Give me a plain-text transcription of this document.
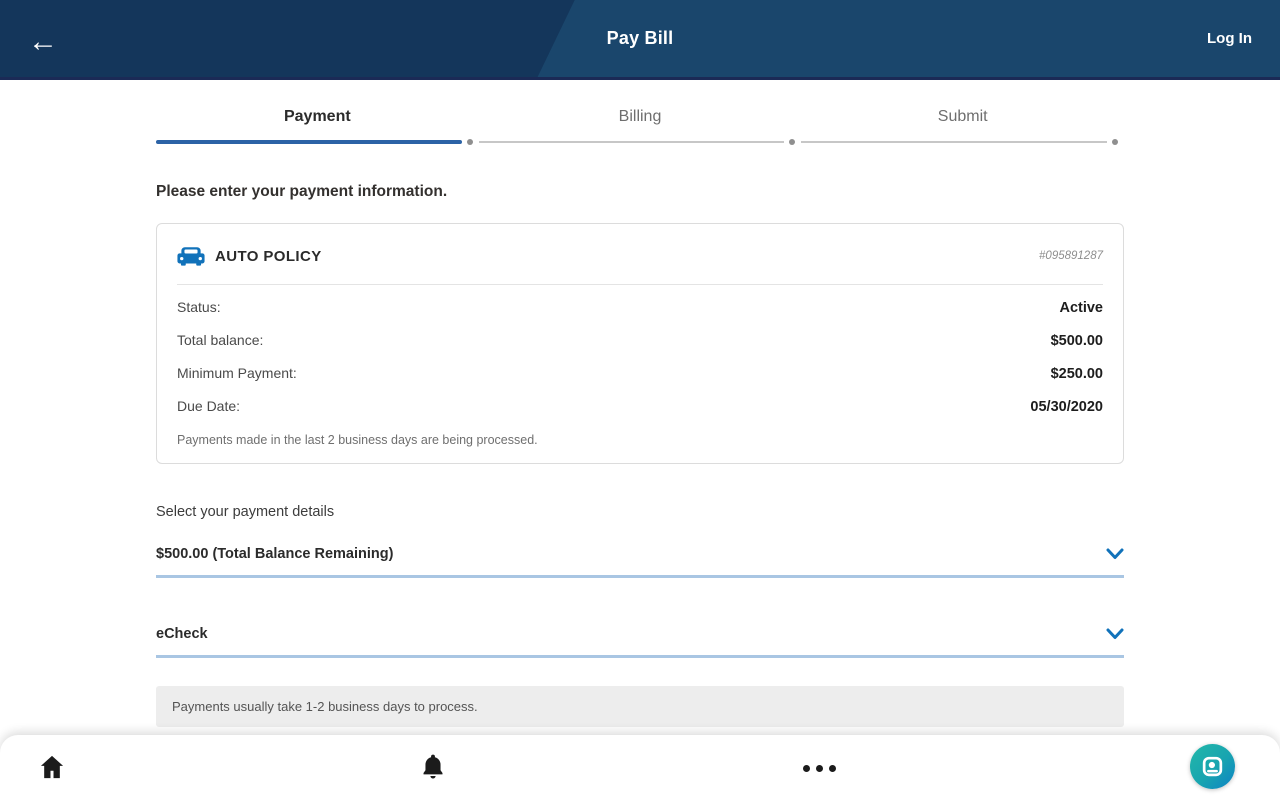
←	Pay Bill	Log In
Payment	Billing	Submit
Please enter your payment information.
AUTO POLICY	#095891287
Status:	Active
Total balance:	$500.00
Minimum Payment:	$250.00
Due Date:	05/30/2020
Payments made in the last 2 business days are being processed.
Select your payment details
$500.00 (Total Balance Remaining)
eCheck
Payments usually take 1-2 business days to process.
